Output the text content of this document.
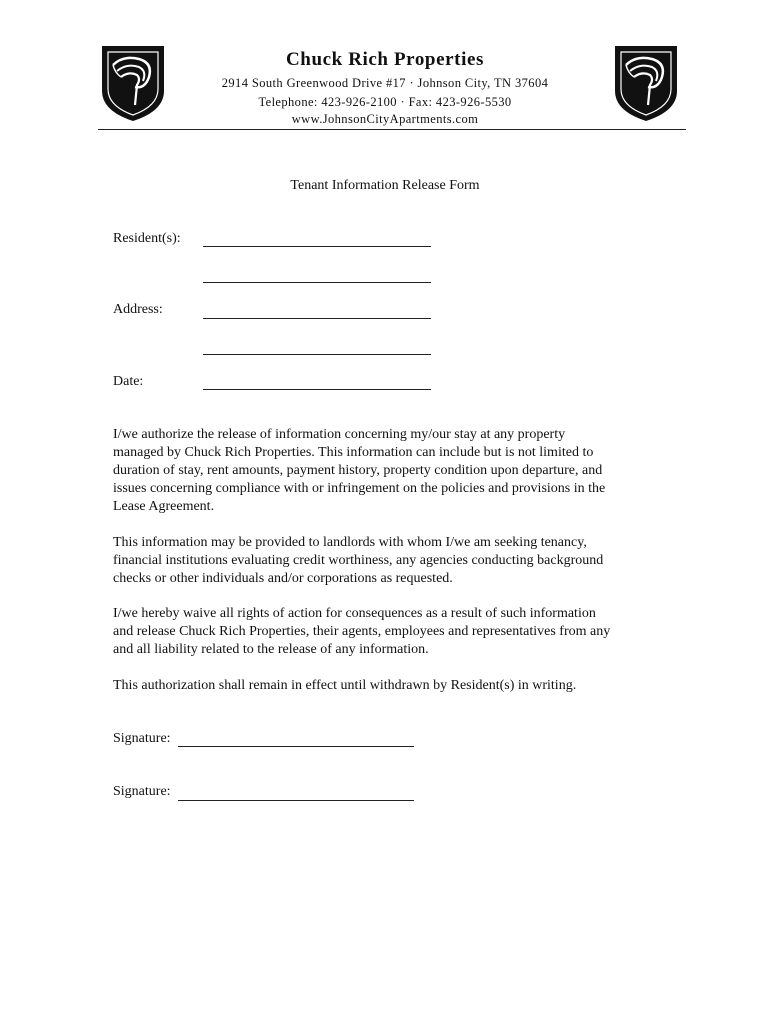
Chuck Rich Properties
2914 South Greenwood Drive #17 · Johnson City, TN 37604
Telephone: 423-926-2100 · Fax: 423-926-5530
www.JohnsonCityApartments.com
Tenant Information Release Form
Resident(s):
Address:
Date:
I/we authorize the release of information concerning my/our stay at any property
managed by Chuck Rich Properties. This information can include but is not limited to
duration of stay, rent amounts, payment history, property condition upon departure, and
issues concerning compliance with or infringement on the policies and provisions in the
Lease Agreement.
This information may be provided to landlords with whom I/we am seeking tenancy,
financial institutions evaluating credit worthiness, any agencies conducting background
checks or other individuals and/or corporations as requested.
I/we hereby waive all rights of action for consequences as a result of such information
and release Chuck Rich Properties, their agents, employees and representatives from any
and all liability related to the release of any information.
This authorization shall remain in effect until withdrawn by Resident(s) in writing.
Signature:
Signature:
